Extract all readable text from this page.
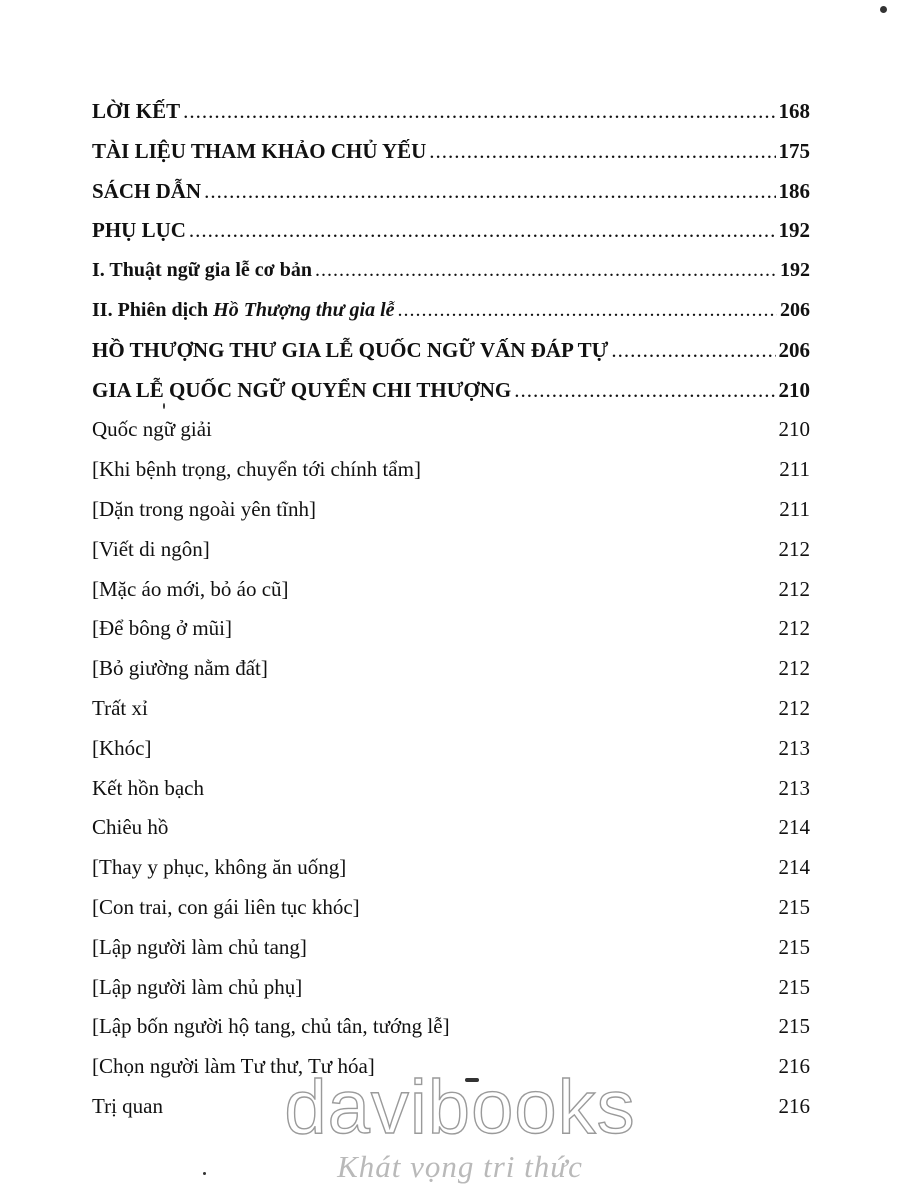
LỜI KẾT .....	168
TÀI LIỆU THAM KHẢO CHỦ YẾU .....	175
SÁCH DẪN .....	186
PHỤ LỤC .....	192
I. Thuật ngữ gia lễ cơ bản .....	192
II. Phiên dịch Hồ Thượng thư gia lễ .....	206
HỒ THƯỢNG THƯ GIA LỄ QUỐC NGỮ VẤN ĐÁP TỰ .....	206
GIA LỄ QUỐC NGỮ QUYỂN CHI THƯỢNG .....	210
Quốc ngữ giải	210
[Khi bệnh trọng, chuyển tới chính tẩm]	211
[Dặn trong ngoài yên tĩnh]	211
[Viết di ngôn]	212
[Mặc áo mới, bỏ áo cũ]	212
[Để bông ở mũi]	212
[Bỏ giường nằm đất]	212
Trất xỉ	212
[Khóc]	213
Kết hồn bạch	213
Chiêu hồ	214
[Thay y phục, không ăn uống]	214
[Con trai, con gái liên tục khóc]	215
[Lập người làm chủ tang]	215
[Lập người làm chủ phụ]	215
[Lập bốn người hộ tang, chủ tân, tướng lễ]	215
[Chọn người làm Tư thư, Tư hóa]	216
Trị quan	216
davibooks
Khát vọng tri thức
